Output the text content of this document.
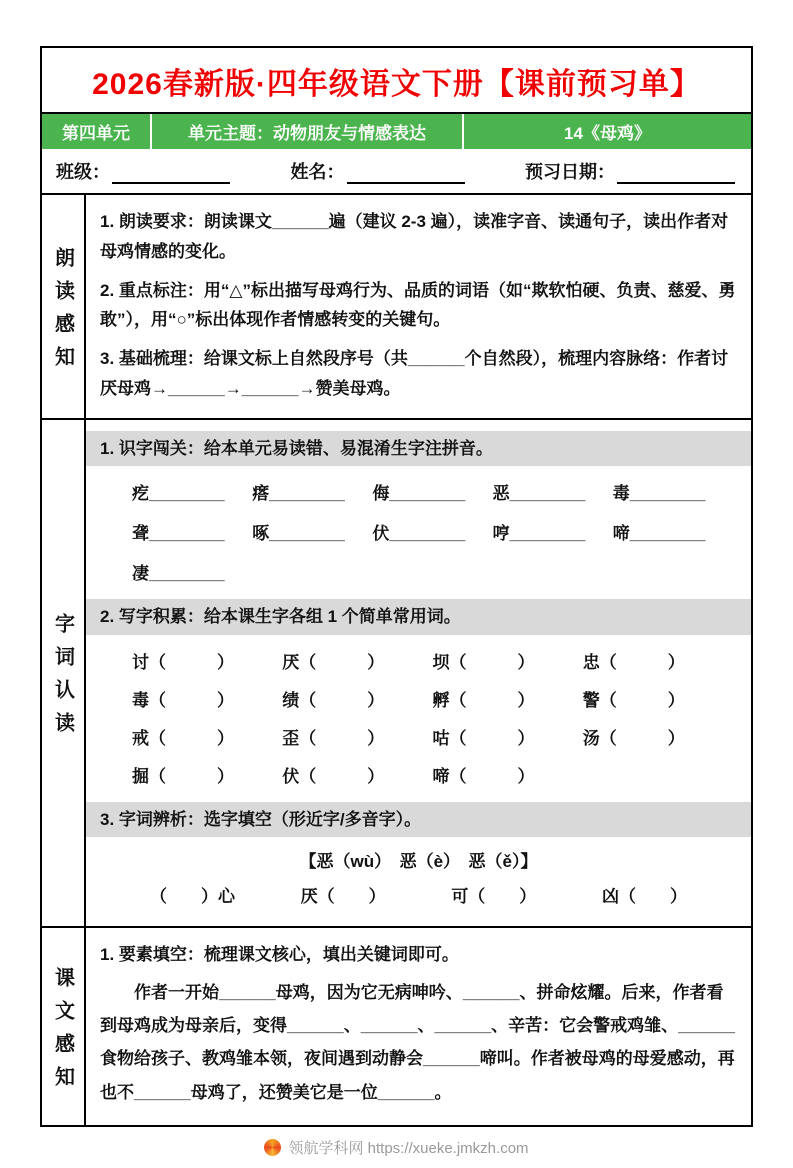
2026春新版·四年级语文下册【课前预习单】
第四单元	单元主题：动物朋友与情感表达	14《母鸡》
班级：	姓名：	预习日期：
朗读感知

1. 朗读要求：朗读课文______遍（建议 2-3 遍），读准字音、读通句子，读出作者对母鸡情感的变化。

2. 重点标注：用“△”标出描写母鸡行为、品质的词语（如“欺软怕硬、负责、慈爱、勇敢”），用“○”标出体现作者情感转变的关键句。

3. 基础梳理：给课文标上自然段序号（共______个自然段），梳理内容脉络：作者讨厌母鸡→______→______→赞美母鸡。

字词认读
1. 识字闯关：给本单元易读错、易混淆生字注拼音。
疙________	瘩________	侮________	恶________	毒________
聋________	啄________	伏________	哼________	啼________
凄________
2. 写字积累：给本课生字各组 1 个简单常用词。
讨（　　　）	厌（　　　）	坝（　　　）	忠（　　　）
毒（　　　）	绩（　　　）	孵（　　　）	警（　　　）
戒（　　　）	歪（　　　）	咕（　　　）	汤（　　　）
掘（　　　）	伏（　　　）	啼（　　　）
3. 字词辨析：选字填空（形近字/多音字）。
【恶（wù）　恶（è）　恶（ě）】
（　　）心	厌（　　）	可（　　）	凶（　　）
课文感知

1. 要素填空：梳理课文核心，填出关键词即可。

作者一开始______母鸡，因为它无病呻吟、______、拼命炫耀。后来，作者看到母鸡成为母亲后，变得______、______、______、辛苦：它会警戒鸡雏、______食物给孩子、教鸡雏本领，夜间遇到动静会______啼叫。作者被母鸡的母爱感动，再也不______母鸡了，还赞美它是一位______。

领航学科网 https://xueke.jmkzh.com
